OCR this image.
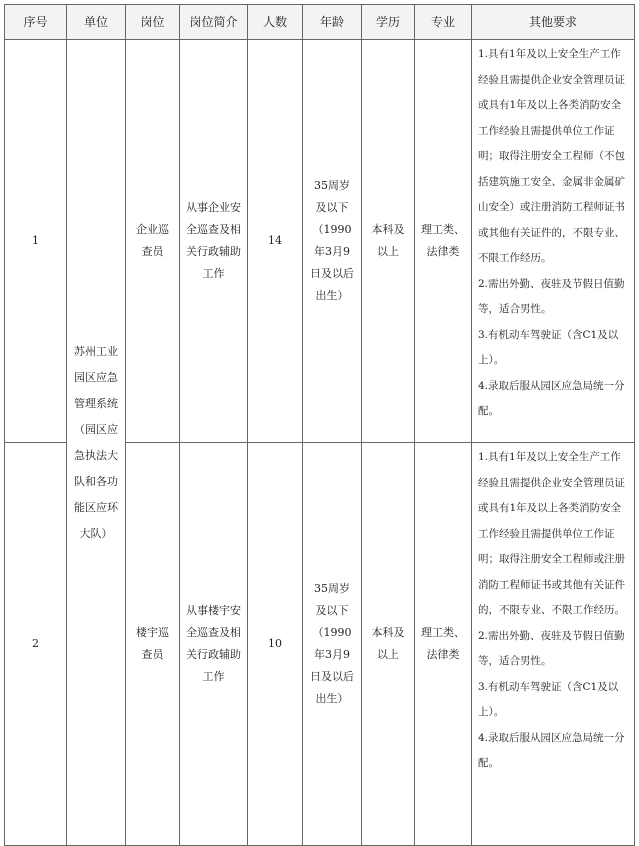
序号	单位	岗位	岗位简介	人数	年龄	学历	专业	其他要求
1	苏州工业园区应急管理系统（园区应急执法大队和各功能区应环大队）	企业巡查员	从事企业安全巡查及相关行政辅助工作	14	35周岁及以下（1990年3月9日及以后出生）	本科及以上	理工类、法律类	1.具有1年及以上安全生产工作经验且需提供企业安全管理员证或具有1年及以上各类消防安全工作经验且需提供单位工作证明；取得注册安全工程师（不包括建筑施工安全、金属非金属矿山安全）或注册消防工程师证书或其他有关证件的，不限专业、不限工作经历。
2.需出外勤、夜驻及节假日值勤等，适合男性。
3.有机动车驾驶证（含C1及以上）。
4.录取后服从园区应急局统一分配。

2		楼宇巡查员	从事楼宇安全巡查及相关行政辅助工作	10	35周岁及以下（1990年3月9日及以后出生）	本科及以上	理工类、法律类	1.具有1年及以上安全生产工作经验且需提供企业安全管理员证或具有1年及以上各类消防安全工作经验且需提供单位工作证明；取得注册安全工程师或注册消防工程师证书或其他有关证件的，不限专业、不限工作经历。
2.需出外勤、夜驻及节假日值勤等，适合男性。
3.有机动车驾驶证（含C1及以上）。
4.录取后服从园区应急局统一分配。
